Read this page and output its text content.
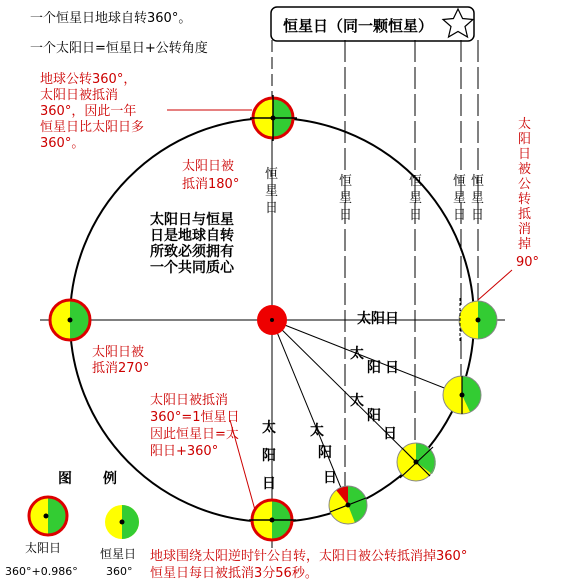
一个恒星日地球自转360°。
一个太阳日=恒星日+公转角度
恒星日（同一颗恒星）
地球公转360°，
太阳日被抵消
360°，因此一年
恒星日比太阳日多
360°。
太阳日被
抵消180°
太阳日与恒星
日是地球自转
所致必须拥有
一个共同质心
太
阳
日
被
公
转
抵
消
掉
90°
太阳日被
抵消270°
太阳日被抵消
360°=1恒星日
因此恒星日=太
阳日+360°
恒
星
日
恒
星
日
恒
星
日
恒
星
日
恒
星
日
太阳日
太
阳 日
太
阳
日
太
阳
日
太
阳
日
图 例
太阳日
360°+0.986°
恒星日
360°
地球围绕太阳逆时针公自转，太阳日被公转抵消掉360°
恒星日每日被抵消3分56秒。
